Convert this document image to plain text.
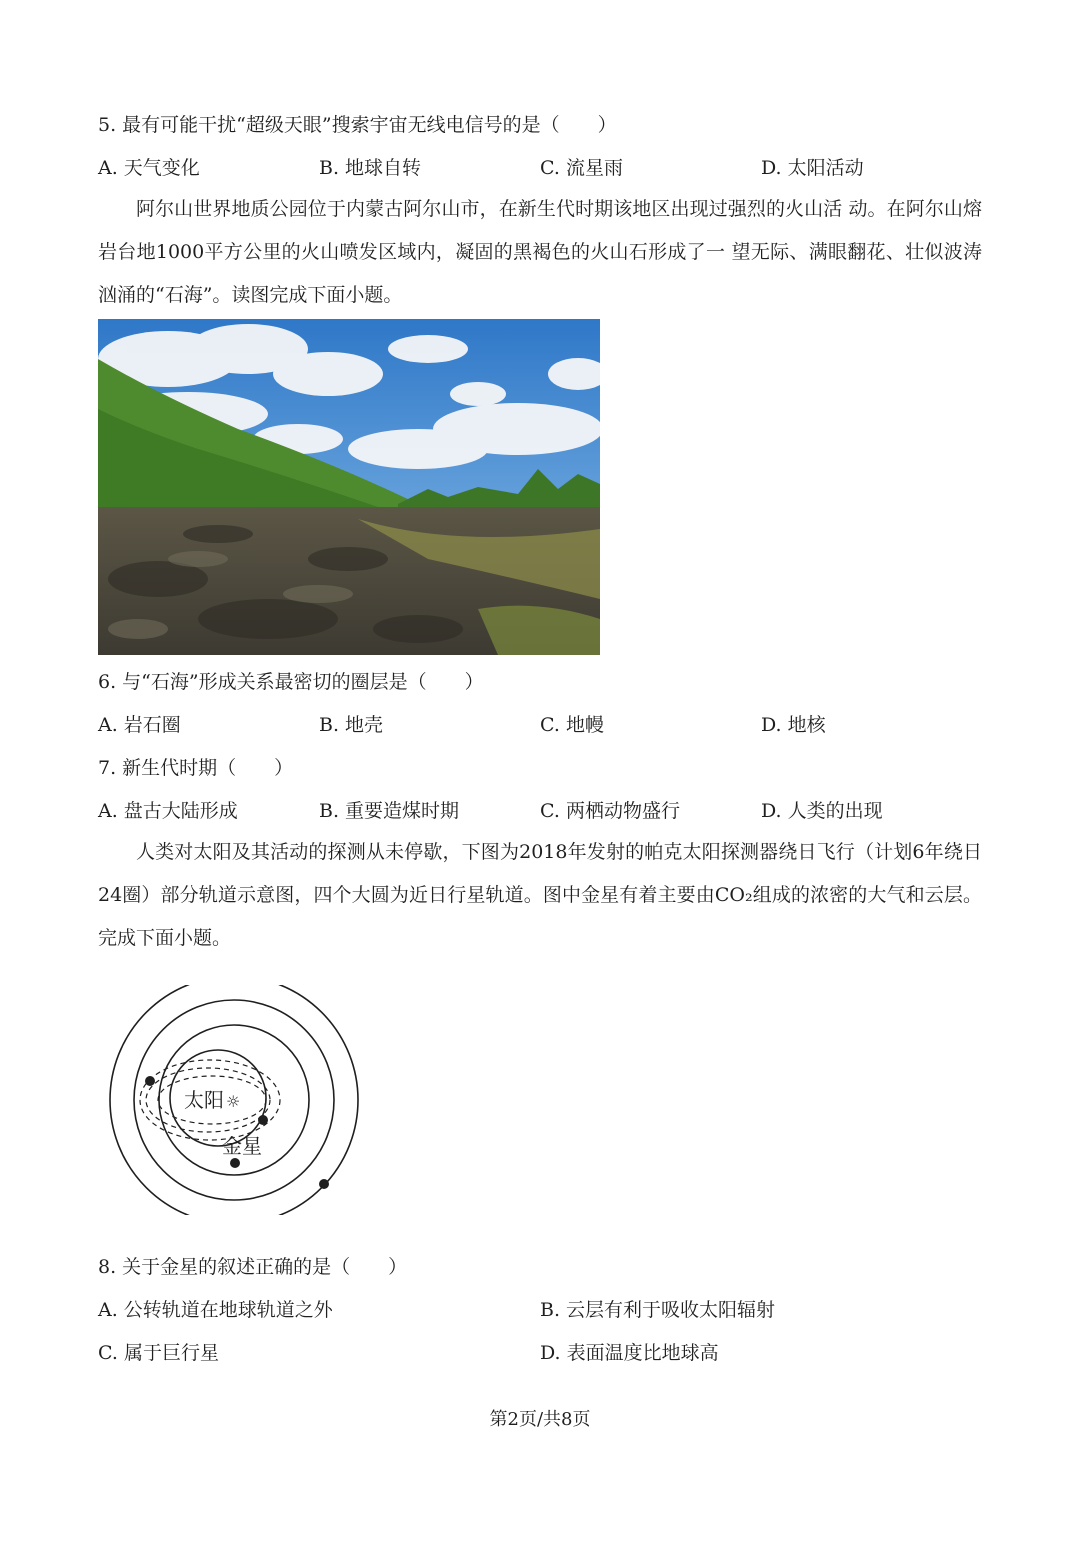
5. 最有可能干扰“超级天眼”搜索宇宙无线电信号的是（　　）
A. 天气变化	B. 地球自转	C. 流星雨	D. 太阳活动
阿尔山世界地质公园位于内蒙古阿尔山市，在新生代时期该地区出现过强烈的火山活 动。在阿尔山熔岩台地1000平方公里的火山喷发区域内，凝固的黑褐色的火山石形成了一 望无际、满眼翻花、壮似波涛汹涌的“石海”。读图完成下面小题。
6. 与“石海”形成关系最密切的圈层是（　　）
A. 岩石圈	B. 地壳	C. 地幔	D. 地核
7. 新生代时期（　　）
A. 盘古大陆形成	B. 重要造煤时期	C. 两栖动物盛行	D. 人类的出现
人类对太阳及其活动的探测从未停歇，下图为2018年发射的帕克太阳探测器绕日飞行（计划6年绕日24圈）部分轨道示意图，四个大圆为近日行星轨道。图中金星有着主要由CO₂组成的浓密的大气和云层。完成下面小题。
太阳 ☼
金星
8. 关于金星的叙述正确的是（　　）
A. 公转轨道在地球轨道之外	B. 云层有利于吸收太阳辐射
C. 属于巨行星	D. 表面温度比地球高
第2页/共8页
